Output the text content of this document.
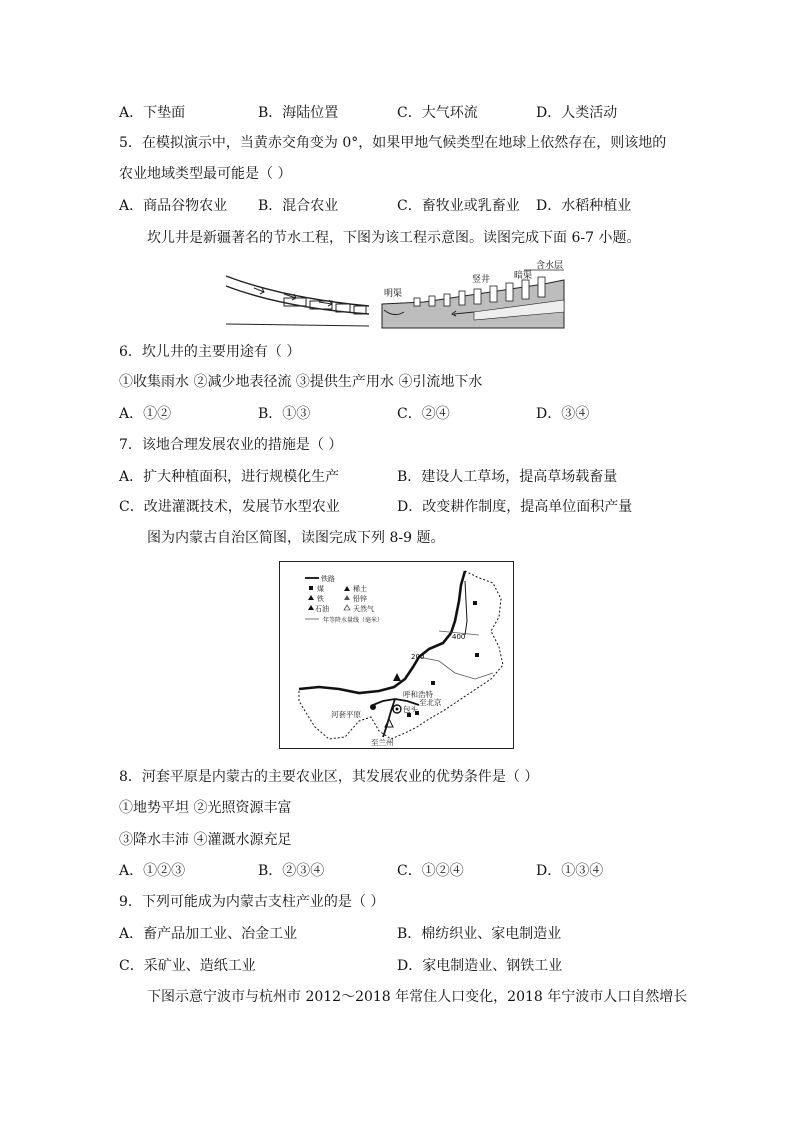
A．下垫面	B．海陆位置	C．大气环流	D．人类活动
5．在模拟演示中，当黄赤交角变为 0°，如果甲地气候类型在地球上依然存在，则该地的
农业地域类型最可能是（ ）
A．商品谷物农业 B．混合农业	C．畜牧业或乳畜业 D．水稻种植业
坎儿井是新疆著名的节水工程，下图为该工程示意图。读图完成下面 6-7 小题。
明渠
竖井	暗渠
含水层
6．坎儿井的主要用途有（ ）
①收集雨水 ②减少地表径流 ③提供生产用水 ④引流地下水
A．①②	B．①③	C．②④	D．③④
7．该地合理发展农业的措施是（ ）
A．扩大种植面积，进行规模化生产	B．建设人工草场，提高草场载畜量
C．改进灌溉技术，发展节水型农业	D．改变耕作制度，提高单位面积产量
图为内蒙古自治区简图，读图完成下列 8-9 题。
200
400
铁路
煤	稀土
铁	铅锌
石油	天然气
年等降水量线（毫米）
呼和浩特
包头
至北京
河套平原
至兰州
8．河套平原是内蒙古的主要农业区，其发展农业的优势条件是（ ）
①地势平坦 ②光照资源丰富
③降水丰沛 ④灌溉水源充足
A．①②③	B．②③④	C．①②④	D．①③④
9．下列可能成为内蒙古支柱产业的是（ ）
A．畜产品加工业、冶金工业	B．棉纺织业、家电制造业
C．采矿业、造纸工业	D．家电制造业、钢铁工业
下图示意宁波市与杭州市 2012～2018 年常住人口变化，2018 年宁波市人口自然增长
